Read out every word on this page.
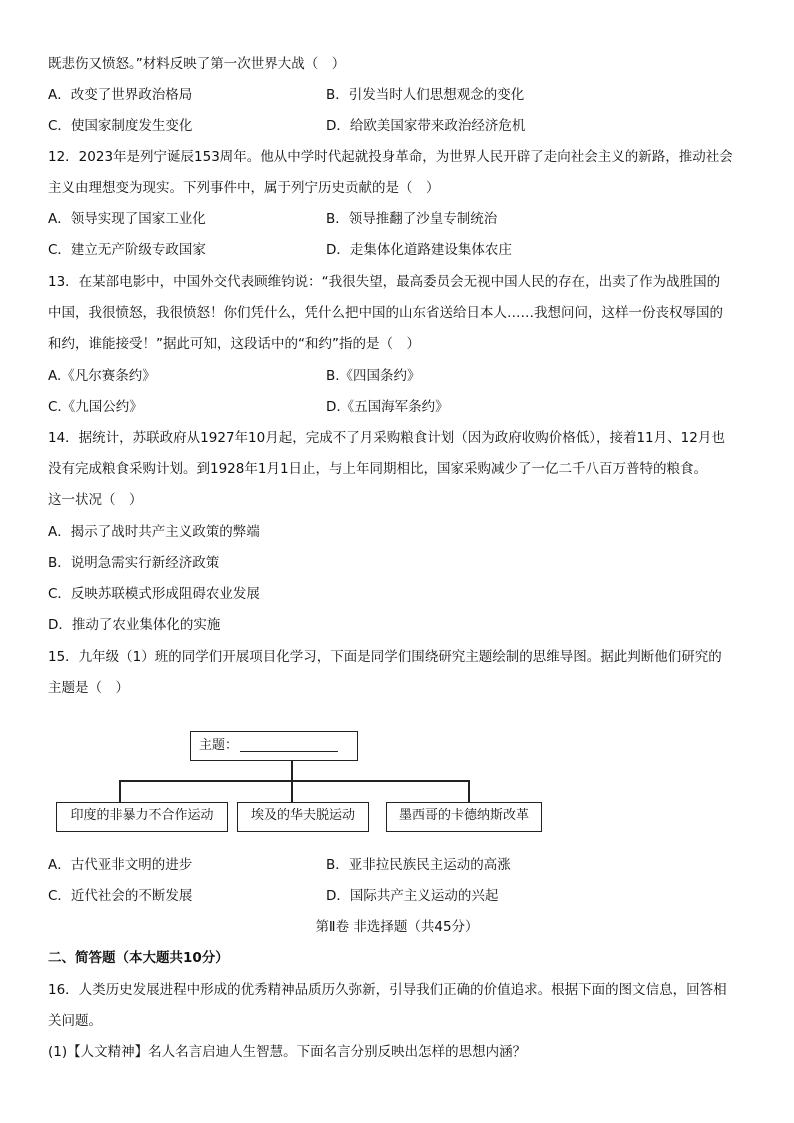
既悲伤又愤怒。”材料反映了第一次世界大战（　）
A．改变了世界政治格局	B．引发当时人们思想观念的变化
C．使国家制度发生变化	D．给欧美国家带来政治经济危机
12．2023年是列宁诞辰153周年。他从中学时代起就投身革命，为世界人民开辟了走向社会主义的新路，推动社会
主义由理想变为现实。下列事件中，属于列宁历史贡献的是（　）
A．领导实现了国家工业化	B．领导推翻了沙皇专制统治
C．建立无产阶级专政国家	D．走集体化道路建设集体农庄
13．在某部电影中，中国外交代表顾维钧说：“我很失望，最高委员会无视中国人民的存在，出卖了作为战胜国的
中国，我很愤怒，我很愤怒！你们凭什么，凭什么把中国的山东省送给日本人……我想问问，这样一份丧权辱国的
和约，谁能接受！”据此可知，这段话中的“和约”指的是（　）
A.《凡尔赛条约》	B.《四国条约》
C.《九国公约》	D.《五国海军条约》
14．据统计，苏联政府从1927年10月起，完成不了月采购粮食计划（因为政府收购价格低），接着11月、12月也
没有完成粮食采购计划。到1928年1月1日止，与上年同期相比，国家采购减少了一亿二千八百万普特的粮食。
这一状况（　）
A．揭示了战时共产主义政策的弊端
B．说明急需实行新经济政策
C．反映苏联模式形成阻碍农业发展
D．推动了农业集体化的实施
15．九年级（1）班的同学们开展项目化学习，下面是同学们围绕研究主题绘制的思维导图。据此判断他们研究的
主题是（　）
主题：
印度的非暴力不合作运动	埃及的华夫脱运动	墨西哥的卡德纳斯改革
A．古代亚非文明的进步	B．亚非拉民族民主运动的高涨
C．近代社会的不断发展	D．国际共产主义运动的兴起
第Ⅱ卷 非选择题（共45分）
二、简答题（本大题共10分）
16．人类历史发展进程中形成的优秀精神品质历久弥新，引导我们正确的价值追求。根据下面的图文信息，回答相
关问题。
(1)【人文精神】名人名言启迪人生智慧。下面名言分别反映出怎样的思想内涵？
